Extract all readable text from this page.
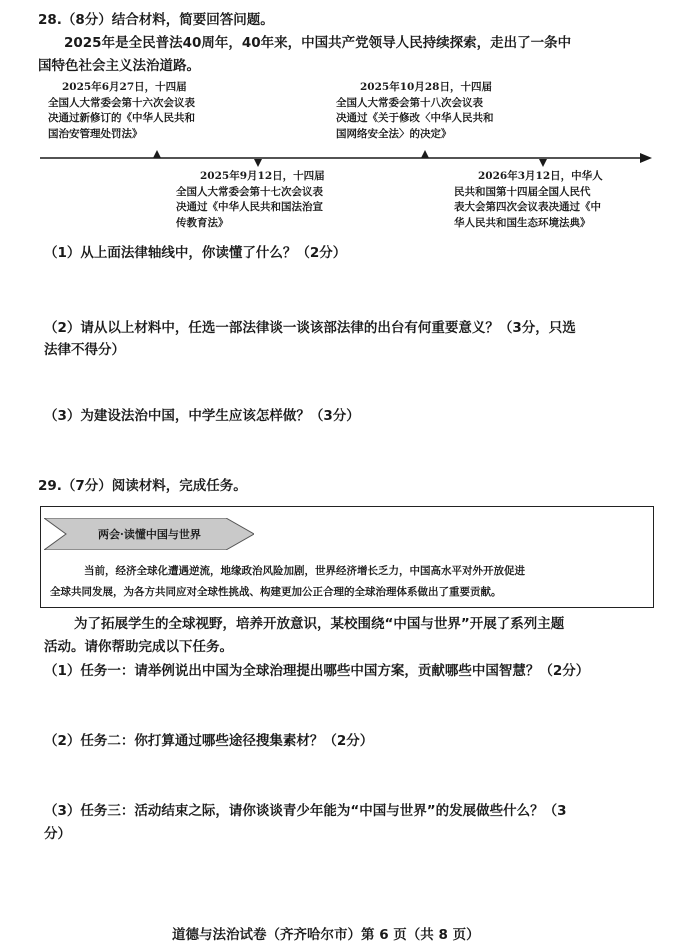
28.（8分）结合材料，简要回答问题。
2025年是全民普法40周年，40年来，中国共产党领导人民持续探索，走出了一条中
国特色社会主义法治道路。
2025年6月27日，十四届
全国人大常委会第十六次会议表
决通过新修订的《中华人民共和
国治安管理处罚法》
2025年10月28日，十四届
全国人大常委会第十八次会议表
决通过《关于修改〈中华人民共和
国网络安全法〉的决定》
2025年9月12日，十四届
全国人大常委会第十七次会议表
决通过《中华人民共和国法治宣
传教育法》
2026年3月12日，中华人
民共和国第十四届全国人民代
表大会第四次会议表决通过《中
华人民共和国生态环境法典》
（1）从上面法律轴线中，你读懂了什么？（2分）
（2）请从以上材料中，任选一部法律谈一谈该部法律的出台有何重要意义？（3分，只选
法律不得分）
（3）为建设法治中国，中学生应该怎样做？（3分）
29.（7分）阅读材料，完成任务。
两会·读懂中国与世界
当前，经济全球化遭遇逆流，地缘政治风险加剧，世界经济增长乏力，中国高水平对外开放促进
全球共同发展，为各方共同应对全球性挑战、构建更加公正合理的全球治理体系做出了重要贡献。
为了拓展学生的全球视野，培养开放意识，某校围绕“中国与世界”开展了系列主题
活动。请你帮助完成以下任务。
（1）任务一：请举例说出中国为全球治理提出哪些中国方案，贡献哪些中国智慧？（2分）
（2）任务二：你打算通过哪些途径搜集素材？（2分）
（3）任务三：活动结束之际，请你谈谈青少年能为“中国与世界”的发展做些什么？（3
分）
道德与法治试卷（齐齐哈尔市）第 6 页（共 8 页）
